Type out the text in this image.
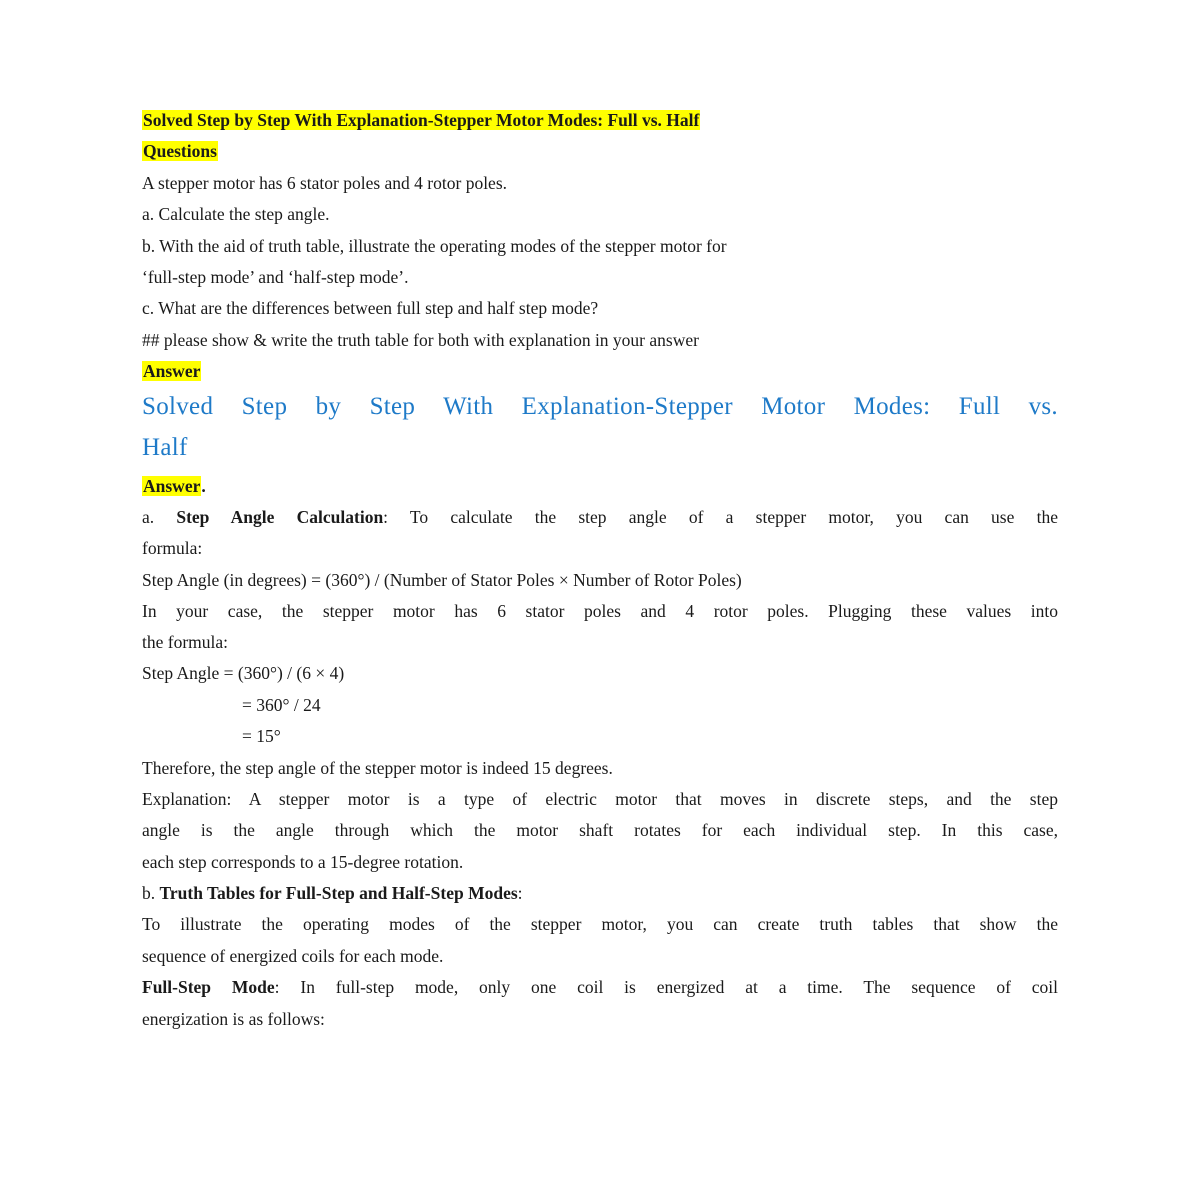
Solved Step by Step With Explanation-Stepper Motor Modes: Full vs. Half
Questions
A stepper motor has 6 stator poles and 4 rotor poles.
a. Calculate the step angle.
b. With the aid of truth table, illustrate the operating modes of the stepper motor for
‘full-step mode’ and ‘half-step mode’.
c. What are the differences between full step and half step mode?
## please show & write the truth table for both with explanation in your answer
Answer
Solved Step by Step With Explanation-Stepper Motor Modes: Full vs.
Half
Answer.
a. Step Angle Calculation: To calculate the step angle of a stepper motor, you can use the
formula:
Step Angle (in degrees) = (360°) / (Number of Stator Poles × Number of Rotor Poles)
In your case, the stepper motor has 6 stator poles and 4 rotor poles. Plugging these values into
the formula:
Step Angle = (360°) / (6 × 4)
= 360° / 24
= 15°
Therefore, the step angle of the stepper motor is indeed 15 degrees.
Explanation: A stepper motor is a type of electric motor that moves in discrete steps, and the step
angle is the angle through which the motor shaft rotates for each individual step. In this case,
each step corresponds to a 15-degree rotation.
b. Truth Tables for Full-Step and Half-Step Modes:
To illustrate the operating modes of the stepper motor, you can create truth tables that show the
sequence of energized coils for each mode.
Full-Step Mode: In full-step mode, only one coil is energized at a time. The sequence of coil
energization is as follows:
